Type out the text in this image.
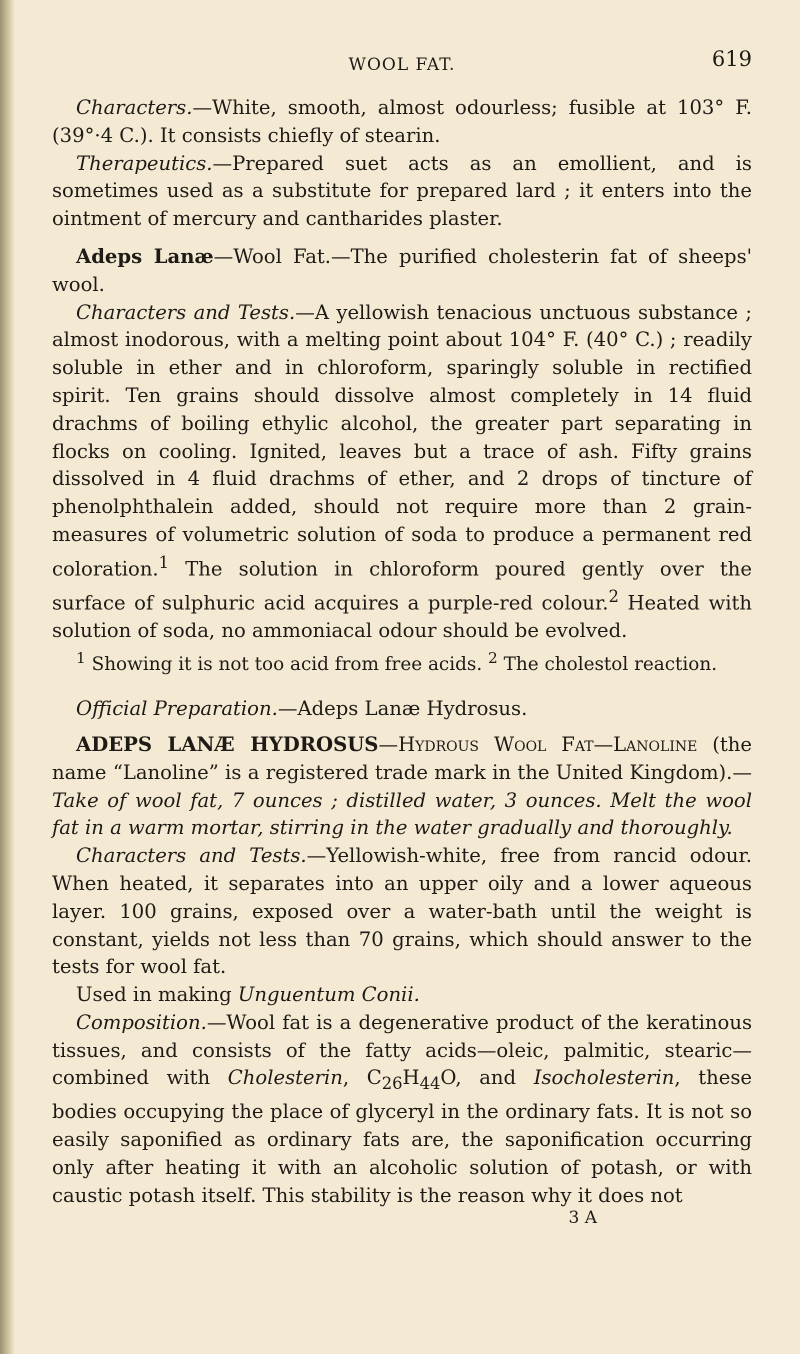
WOOL FAT.	619

Characters.—White, smooth, almost odourless; fusible at 103° F. (39°·4 C.). It consists chiefly of stearin.

Therapeutics.—Prepared suet acts as an emollient, and is sometimes used as a substitute for prepared lard ; it enters into the ointment of mercury and cantharides plaster.

Adeps Lanæ—Wool Fat.—The purified cholesterin fat of sheeps' wool.

Characters and Tests.—A yellowish tenacious unctuous substance ; almost inodorous, with a melting point about 104° F. (40° C.) ; readily soluble in ether and in chloroform, sparingly soluble in rectified spirit. Ten grains should dissolve almost completely in 14 fluid drachms of boiling ethylic alcohol, the greater part separating in flocks on cooling. Ignited, leaves but a trace of ash. Fifty grains dissolved in 4 fluid drachms of ether, and 2 drops of tincture of phenolphthalein added, should not require more than 2 grain-measures of volumetric solution of soda to produce a permanent red coloration.$^1$ The solution in chloroform poured gently over the surface of sulphuric acid acquires a purple-red colour.$^2$ Heated with solution of soda, no ammoniacal odour should be evolved.

$^1$ Showing it is not too acid from free acids. $^2$ The cholestol reaction.

Official Preparation.—Adeps Lanæ Hydrosus.

ADEPS LANÆ HYDROSUS—Hydrous Wool Fat—Lanoline (the name “Lanoline” is a registered trade mark in the United Kingdom).—Take of wool fat, 7 ounces ; distilled water, 3 ounces. Melt the wool fat in a warm mortar, stirring in the water gradually and thoroughly.

Characters and Tests.—Yellowish-white, free from rancid odour. When heated, it separates into an upper oily and a lower aqueous layer. 100 grains, exposed over a water-bath until the weight is constant, yields not less than 70 grains, which should answer to the tests for wool fat.

Used in making Unguentum Conii.

Composition.—Wool fat is a degenerative product of the keratinous tissues, and consists of the fatty acids—oleic, palmitic, stearic—combined with Cholesterin, $C_{26}H_{44}O$, and Isocholesterin, these bodies occupying the place of glyceryl in the ordinary fats. It is not so easily saponified as ordinary fats are, the saponification occurring only after heating it with an alcoholic solution of potash, or with caustic potash itself. This stability is the reason why it does not

3 A
